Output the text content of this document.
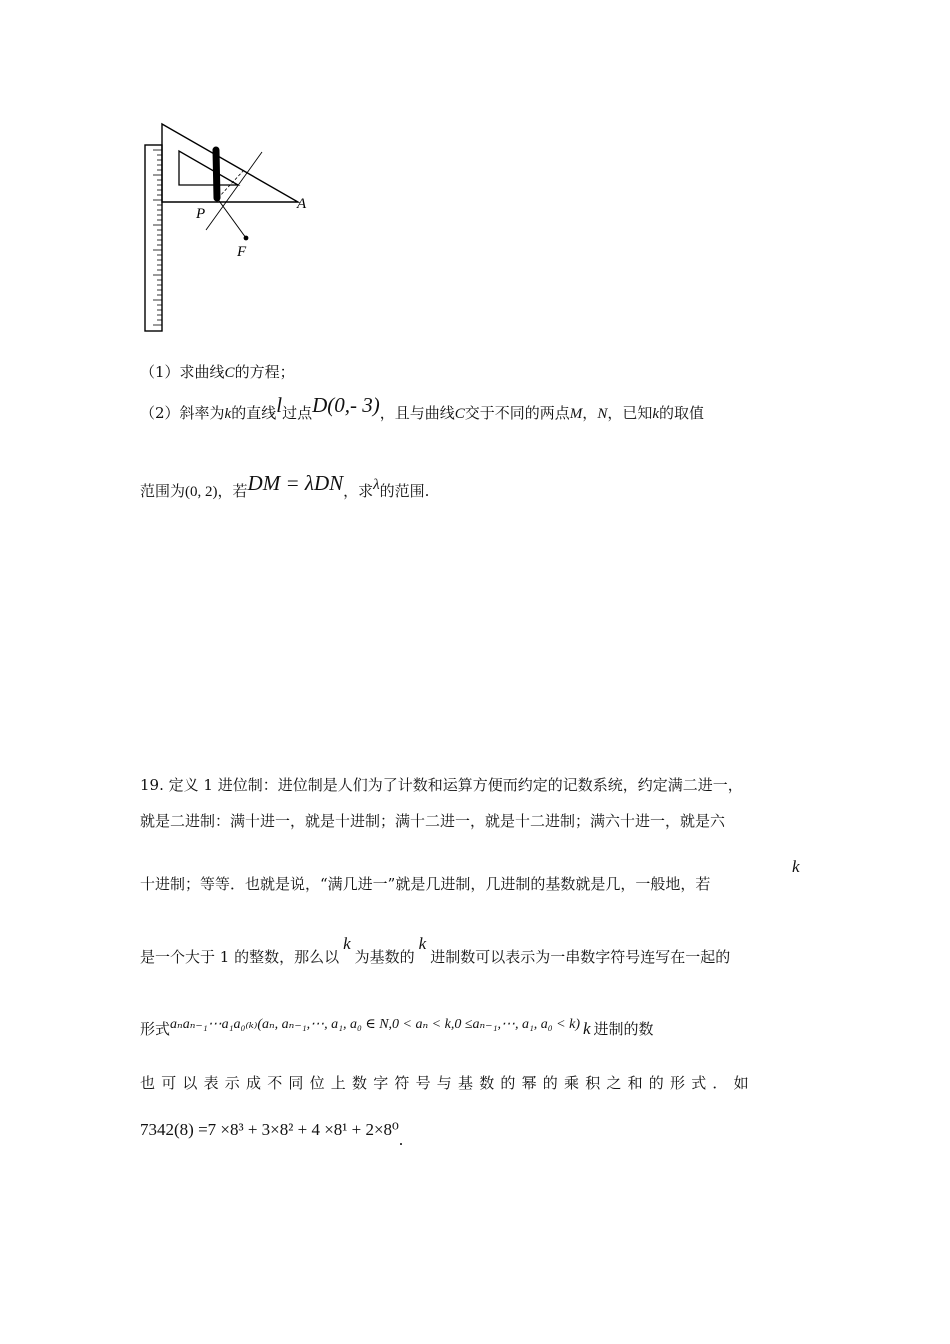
P
A
F
（1）求曲线C的方程；
（2）斜率为k的直线l过点D(0,- 3)，且与曲线C交于不同的两点M，N，已知k的取值
范围为(0, 2)，若DM = λDN，求λ的范围.
19. 定义 1 进位制：进位制是人们为了计数和运算方便而约定的记数系统，约定满二进一，
就是二进制：满十进一，就是十进制；满十二进一，就是十二进制；满六十进一，就是六
十进制；等等．也就是说，“满几进一”就是几进制，几进制的基数就是几，一般地，若
k
是一个大于 1 的整数，那么以k为基数的k进制数可以表示为一串数字符号连写在一起的
形式aₙaₙ₋₁⋯a₁a₀₍ₖ₎(aₙ, aₙ₋₁,⋯, a₁, a₀ ∈ N,0 < aₙ < k,0 ≤aₙ₋₁,⋯, a₁, a₀ < k) k 进制的数
也可以表示成不同位上数字符号与基数的幂的乘积之和的形式．如
7342(8) =7 ×8³ + 3×8² + 4 ×8¹ + 2×8⁰.
